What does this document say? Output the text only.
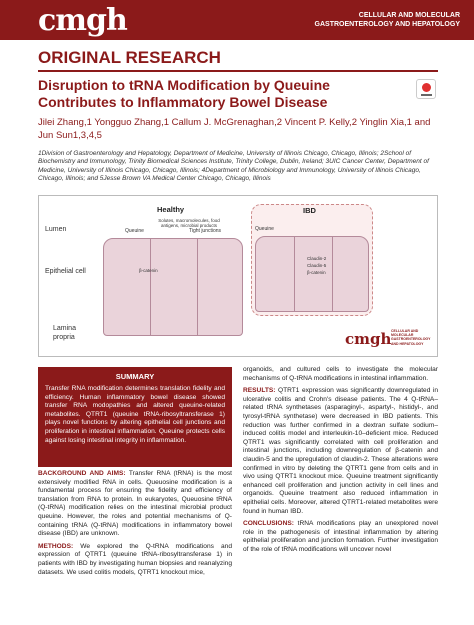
cmgh	CELLULAR AND MOLECULAR
GASTROENTEROLOGY AND HEPATOLOGY
ORIGINAL RESEARCH
Disruption to tRNA Modification by Queuine Contributes to Inflammatory Bowel Disease
Jilei Zhang,1 Yongguo Zhang,1 Callum J. McGrenaghan,2 Vincent P. Kelly,2 Yinglin Xia,1 and Jun Sun1,3,4,5
1Division of Gastroenterology and Hepatology, Department of Medicine, University of Illinois Chicago, Chicago, Illinois; 2School of Biochemistry and Immunology, Trinity Biomedical Sciences Institute, Trinity College, Dublin, Ireland; 3UIC Cancer Center, Department of Medicine, University of Illinois Chicago, Chicago, Illinois; 4Department of Microbiology and Immunology, University of Illinois Chicago, Chicago, Illinois; and 5Jesse Brown VA Medical Center Chicago, Chicago, Illinois
Healthy
Solutes, macromolecules, food antigens, microbial products
Queuine	Tight junctions
Lumen
Epithelial cell
Lamina propria
β-catenin
IBD
Queuine
Claudin-2
Claudin-5
β-catenin
cmgh CELLULAR AND
MOLECULAR
GASTROENTEROLOGY
AND HEPATOLOGY
SUMMARY
Transfer RNA modification determines translation fidelity and efficiency. Human inflammatory bowel disease showed transfer RNA modopathies and altered queuine-related metabolites. QTRT1 (queuine tRNA-ribosyltransferase 1) plays novel functions by altering epithelial cell junctions and proliferation in intestinal inflammation. Queuine protects cells against losing intestinal integrity in inflammation.
BACKGROUND AND AIMS: Transfer RNA (tRNA) is the most extensively modified RNA in cells. Queuosine modification is a fundamental process for ensuring the fidelity and efficiency of translation from RNA to protein. In eukaryotes, Queuosine tRNA (Q-tRNA) modification relies on the intestinal microbial product queuine. However, the roles and potential mechanisms of Q-containing tRNA (Q-tRNA) modifications in inflammatory bowel disease (IBD) are unknown.
METHODS: We explored the Q-tRNA modifications and expression of QTRT1 (queuine tRNA-ribosyltransferase 1) in patients with IBD by investigating human biopsies and reanalyzing datasets. We used colitis models, QTRT1 knockout mice,
organoids, and cultured cells to investigate the molecular mechanisms of Q-tRNA modifications in intestinal inflammation.
RESULTS: QTRT1 expression was significantly downregulated in ulcerative colitis and Crohn's disease patients. The 4 Q-tRNA–related tRNA synthetases (asparaginyl-, aspartyl-, histidyl-, and tyrosyl-tRNA synthetase) were decreased in IBD patients. This reduction was further confirmed in a dextran sulfate sodium–induced colitis model and interleukin-10–deficient mice. Reduced QTRT1 was significantly correlated with cell proliferation and intestinal junctions, including downregulation of β-catenin and claudin-5 and the upregulation of claudin-2. These alterations were confirmed in vitro by deleting the QTRT1 gene from cells and in vivo using QTRT1 knockout mice. Queuine treatment significantly enhanced cell proliferation and junction activity in cell lines and organoids. Queuine treatment also reduced inflammation in epithelial cells. Moreover, altered QTRT1-related metabolites were found in human IBD.
CONCLUSIONS: tRNA modifications play an unexplored novel role in the pathogenesis of intestinal inflammation by altering epithelial proliferation and junction formation. Further investigation of the role of tRNA modifications will uncover novel
